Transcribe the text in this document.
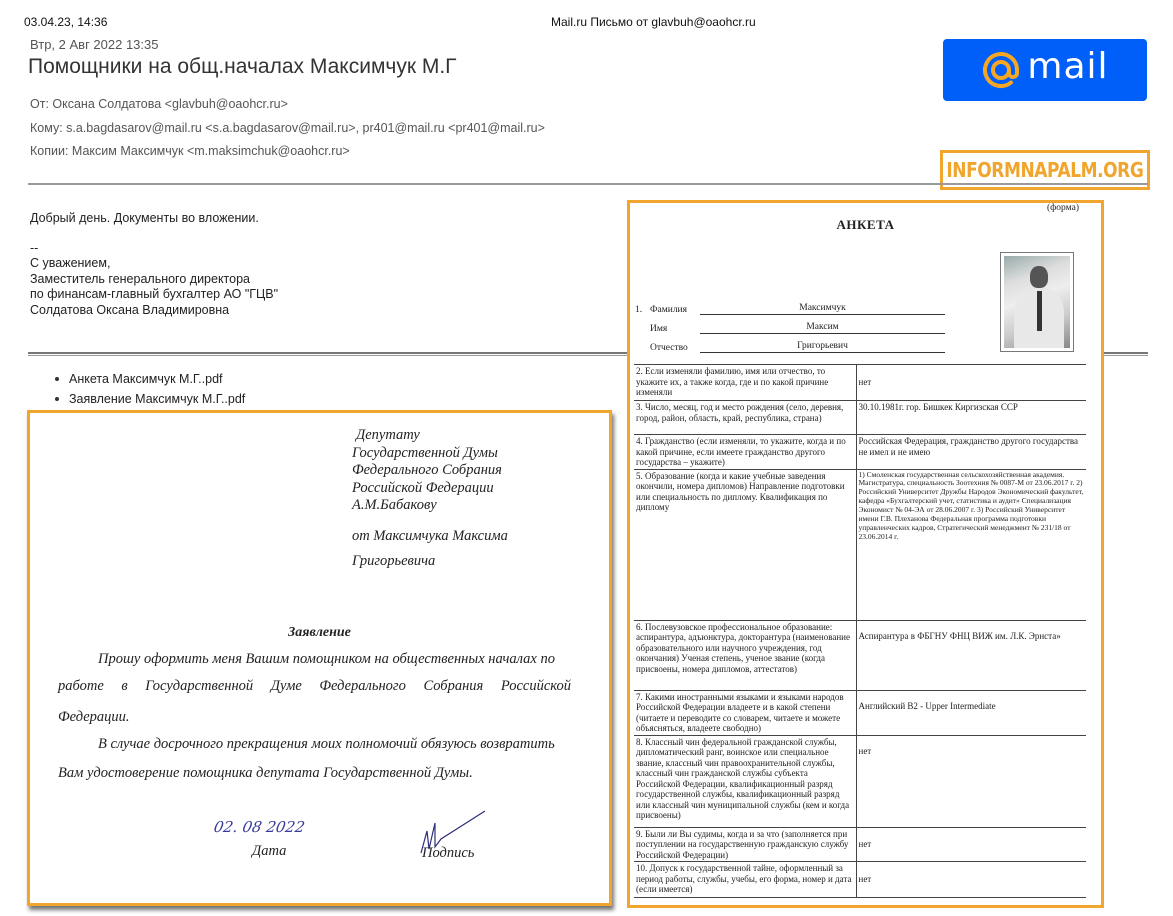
03.04.23, 14:36	Mail.ru Письмо от glavbuh@oaohcr.ru
Втр, 2 Авг 2022 13:35
Помощники на общ.началах Максимчук М.Г
От: Оксана Солдатова <glavbuh@oaohcr.ru>
Кому: s.a.bagdasarov@mail.ru <s.a.bagdasarov@mail.ru>, pr401@mail.ru <pr401@mail.ru>
Копии: Максим Максимчук <m.maksimchuk@oaohcr.ru>
mail
INFORMNAPALM.ORG
Добрый день. Документы во вложении.
--
С уважением,
Заместитель генерального директора
по финансам-главный бухгалтер АО "ГЦВ"
Солдатова Оксана Владимировна
Анкета Максимчук М.Г..pdf
Заявление Максимчук М.Г..pdf
Депутату
Государственной Думы
Федерального Собрания
Российской Федерации
А.М.Бабакову
от Максимчука Максима
Григорьевича
Заявление
Прошу оформить меня Вашим помощником на общественных началах по
работе в Государственной Думе Федерального Собрания Российской
Федерации.
В случае досрочного прекращения моих полномочий обязуюсь возвратить
Вам удостоверение помощника депутата Государственной Думы.
02. 08 2022
Дата	Подпись
(форма)
АНКЕТА
1. Фамилия	Максимчук
Имя	Максим
Отчество	Григорьевич
2. Если изменяли фамилию, имя или отчество, то укажите их, а также когда, где и по какой причине изменяли	нет
3. Число, месяц, год и место рождения (село, деревня, город, район, область, край, республика, страна)	30.10.1981г. гор. Бишкек Киргизская ССР
4. Гражданство (если изменяли, то укажите, когда и по какой причине, если имеете гражданство другого государства – укажите)	Российская Федерация, гражданство другого государства не имел и не имею
5. Образование (когда и какие учебные заведения окончили, номера дипломов) Направление подготовки или специальность по диплому. Квалификация по диплому	1) Смоленская государственная сельскохозяйственная академия. Магистратура, специальность Зоотехния № 0087-М от 23.06.2017 г. 2) Российский Университет Дружбы Народов Экономический факультет, кафедра «Бухгалтерский учет, статистика и аудит» Специализация Экономист № 04-ЭА от 28.06.2007 г. 3) Российский Университет имени Г.В. Плеханова Федеральная программа подготовки управленческих кадров, Стратегический менеджмент № 231/18 от 23.06.2014 г.
6. Послевузовское профессиональное образование: аспирантура, адъюнктура, докторантура (наименование образовательного или научного учреждения, год окончания) Ученая степень, ученое звание (когда присвоены, номера дипломов, аттестатов)	Аспирантура в ФБГНУ ФНЦ ВИЖ им. Л.К. Эрнста»
7. Какими иностранными языками и языками народов Российской Федерации владеете и в какой степени (читаете и переводите со словарем, читаете и можете объясняться, владеете свободно)	Английский В2 - Upper Intermediate
8. Классный чин федеральной гражданской службы, дипломатический ранг, воинское или специальное звание, классный чин правоохранительной службы, классный чин гражданской службы субъекта Российской Федерации, квалификационный разряд государственной службы, квалификационный разряд или классный чин муниципальной службы (кем и когда присвоены)	нет
9. Были ли Вы судимы, когда и за что (заполняется при поступлении на государственную гражданскую службу Российской Федерации)	нет
10. Допуск к государственной тайне, оформленный за период работы, службы, учебы, его форма, номер и дата (если имеется)	нет
